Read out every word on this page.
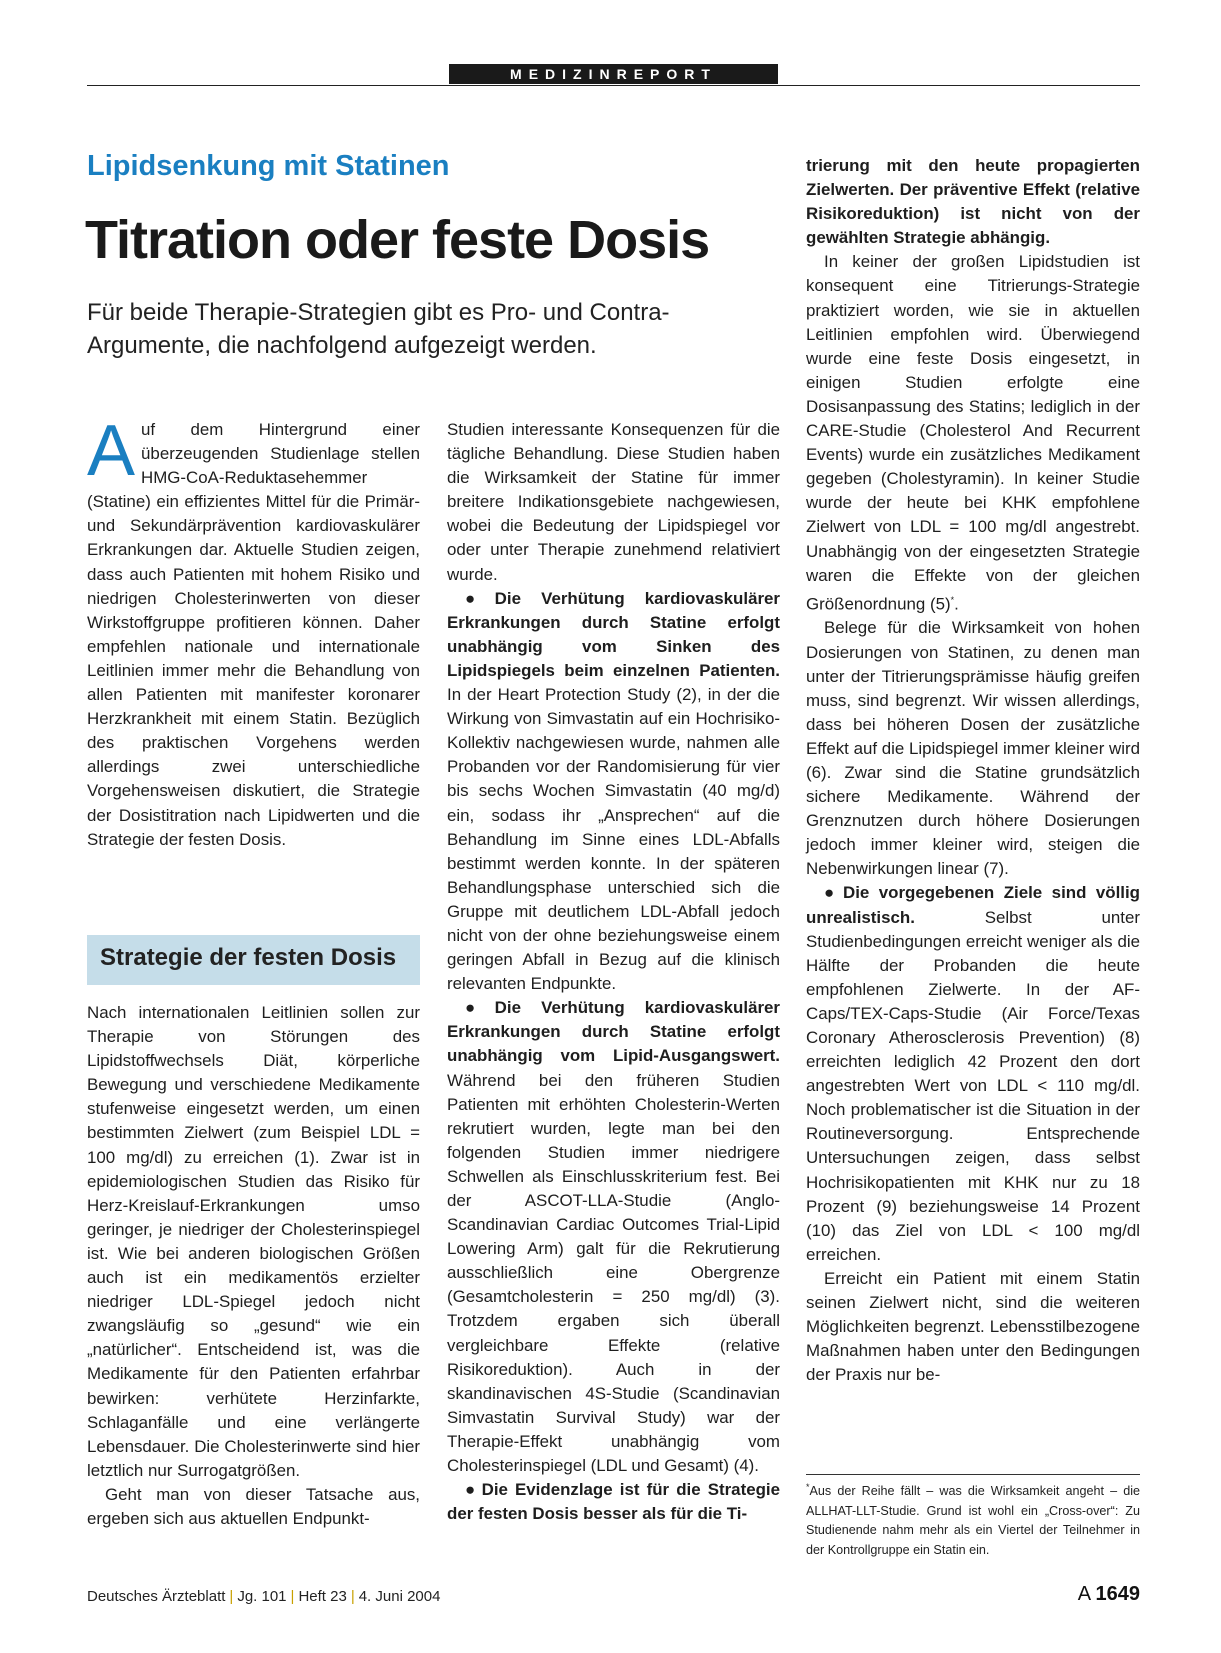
MEDIZINREPORT
Lipidsenkung mit Statinen
Titration oder feste Dosis
Für beide Therapie-Strategien gibt es Pro- und Contra-Argumente, die nachfolgend aufgezeigt werden.

Auf dem Hintergrund einer überzeugenden Studienlage stellen HMG-CoA-Reduktasehemmer (Statine) ein effizientes Mittel für die Primär- und Sekundärprävention kardiovaskulärer Erkrankungen dar. Aktuelle Studien zeigen, dass auch Patienten mit hohem Risiko und niedrigen Cholesterinwerten von dieser Wirkstoffgruppe profitieren können. Daher empfehlen nationale und internationale Leitlinien immer mehr die Behandlung von allen Patienten mit manifester koronarer Herzkrankheit mit einem Statin. Bezüglich des praktischen Vorgehens werden allerdings zwei unterschiedliche Vorgehensweisen diskutiert, die Strategie der Dosistitration nach Lipidwerten und die Strategie der festen Dosis.

Strategie der festen Dosis

Nach internationalen Leitlinien sollen zur Therapie von Störungen des Lipidstoffwechsels Diät, körperliche Bewegung und verschiedene Medikamente stufenweise eingesetzt werden, um einen bestimmten Zielwert (zum Beispiel LDL = 100 mg/dl) zu erreichen (1). Zwar ist in epidemiologischen Studien das Risiko für Herz-Kreislauf-Erkrankungen umso geringer, je niedriger der Cholesterinspiegel ist. Wie bei anderen biologischen Größen auch ist ein medikamentös erzielter niedriger LDL-Spiegel jedoch nicht zwangsläufig so „gesund“ wie ein „natürlicher“. Entscheidend ist, was die Medikamente für den Patienten erfahrbar bewirken: verhütete Herzinfarkte, Schlaganfälle und eine verlängerte Lebensdauer. Die Cholesterinwerte sind hier letztlich nur Surrogatgrößen.

Geht man von dieser Tatsache aus, ergeben sich aus aktuellen Endpunkt-

Studien interessante Konsequenzen für die tägliche Behandlung. Diese Studien haben die Wirksamkeit der Statine für immer breitere Indikationsgebiete nachgewiesen, wobei die Bedeutung der Lipidspiegel vor oder unter Therapie zunehmend relativiert wurde.

● Die Verhütung kardiovaskulärer Erkrankungen durch Statine erfolgt unabhängig vom Sinken des Lipidspiegels beim einzelnen Patienten. In der Heart Protection Study (2), in der die Wirkung von Simvastatin auf ein Hochrisiko-Kollektiv nachgewiesen wurde, nahmen alle Probanden vor der Randomisierung für vier bis sechs Wochen Simvastatin (40 mg/d) ein, sodass ihr „Ansprechen“ auf die Behandlung im Sinne eines LDL-Abfalls bestimmt werden konnte. In der späteren Behandlungsphase unterschied sich die Gruppe mit deutlichem LDL-Abfall jedoch nicht von der ohne beziehungsweise einem geringen Abfall in Bezug auf die klinisch relevanten Endpunkte.

● Die Verhütung kardiovaskulärer Erkrankungen durch Statine erfolgt unabhängig vom Lipid-Ausgangswert. Während bei den früheren Studien Patienten mit erhöhten Cholesterin-Werten rekrutiert wurden, legte man bei den folgenden Studien immer niedrigere Schwellen als Einschlusskriterium fest. Bei der ASCOT-LLA-Studie (Anglo-Scandinavian Cardiac Outcomes Trial-Lipid Lowering Arm) galt für die Rekrutierung ausschließlich eine Obergrenze (Gesamtcholesterin = 250 mg/dl) (3). Trotzdem ergaben sich überall vergleichbare Effekte (relative Risikoreduktion). Auch in der skandinavischen 4S-Studie (Scandinavian Simvastatin Survival Study) war der Therapie-Effekt unabhängig vom Cholesterinspiegel (LDL und Gesamt) (4).

● Die Evidenzlage ist für die Strategie der festen Dosis besser als für die Ti-

trierung mit den heute propagierten Zielwerten. Der präventive Effekt (relative Risikoreduktion) ist nicht von der gewählten Strategie abhängig.

In keiner der großen Lipidstudien ist konsequent eine Titrierungs-Strategie praktiziert worden, wie sie in aktuellen Leitlinien empfohlen wird. Überwiegend wurde eine feste Dosis eingesetzt, in einigen Studien erfolgte eine Dosisanpassung des Statins; lediglich in der CARE-Studie (Cholesterol And Recurrent Events) wurde ein zusätzliches Medikament gegeben (Cholestyramin). In keiner Studie wurde der heute bei KHK empfohlene Zielwert von LDL = 100 mg/dl angestrebt. Unabhängig von der eingesetzten Strategie waren die Effekte von der gleichen Größenordnung (5)*.

Belege für die Wirksamkeit von hohen Dosierungen von Statinen, zu denen man unter der Titrierungsprämisse häufig greifen muss, sind begrenzt. Wir wissen allerdings, dass bei höheren Dosen der zusätzliche Effekt auf die Lipidspiegel immer kleiner wird (6). Zwar sind die Statine grundsätzlich sichere Medikamente. Während der Grenznutzen durch höhere Dosierungen jedoch immer kleiner wird, steigen die Nebenwirkungen linear (7).

● Die vorgegebenen Ziele sind völlig unrealistisch.	Selbst unter Studienbedingungen erreicht weniger als die Hälfte der Probanden die heute empfohlenen Zielwerte. In der AF-Caps/TEX-Caps-Studie (Air Force/Texas Coronary Atherosclerosis Prevention) (8) erreichten lediglich 42 Prozent den dort angestrebten Wert von LDL < 110 mg/dl. Noch problematischer ist die Situation in der Routineversorgung. Entsprechende Untersuchungen zeigen, dass selbst Hochrisikopatienten mit KHK nur zu 18 Prozent (9) beziehungsweise 14 Prozent (10) das Ziel von LDL < 100 mg/dl erreichen.

Erreicht ein Patient mit einem Statin seinen Zielwert nicht, sind die weiteren Möglichkeiten begrenzt. Lebensstilbezogene Maßnahmen haben unter den Bedingungen der Praxis nur be-

*Aus der Reihe fällt – was die Wirksamkeit angeht – die ALLHAT-LLT-Studie. Grund ist wohl ein „Cross-over“: Zu Studienende nahm mehr als ein Viertel der Teilnehmer in der Kontrollgruppe ein Statin ein.
Deutsches Ärzteblatt | Jg. 101 | Heft 23 | 4. Juni 2004	A 1649
